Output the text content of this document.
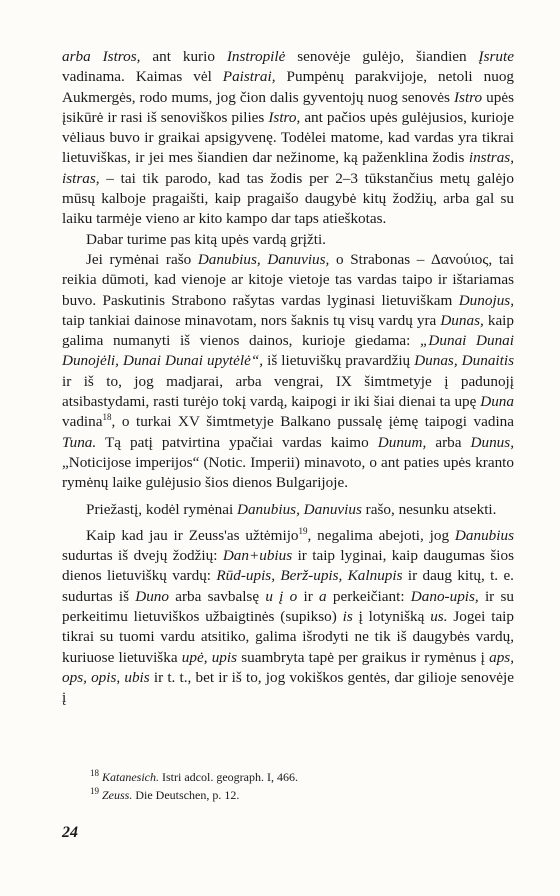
arba Istros, ant kurio Instropilė senovėje gulėjo, šiandien Įsrute vadinama. Kaimas vėl Paistrai, Pumpėnų parakvijoje, netoli nuog Aukmergės, rodo mums, jog čion dalis gyventojų nuog senovės Istro upės įsikūrė ir rasi iš senoviškos pilies Istro, ant pačios upės gulėjusios, kurioje vėliaus buvo ir graikai apsigyvenę. Todėlei matome, kad vardas yra tikrai lietuviškas, ir jei mes šiandien dar nežinome, ką paženklina žodis instras, istras, – tai tik parodo, kad tas žodis per 2–3 tūkstančius metų galėjo mūsų kalboje pragaišti, kaip pragaišo daugybė kitų žodžių, arba gal su laiku tarmėje vieno ar kito kampo dar taps atieškotas.

Dabar turime pas kitą upės vardą grįžti.

Jei rymėnai rašo Danubius, Danuvius, o Strabonas – Δανούιος, tai reikia dūmoti, kad vienoje ar kitoje vietoje tas vardas taipo ir ištariamas buvo. Paskutinis Strabono rašytas vardas lyginasi lietuviškam Dunojus, taip tankiai dainose minavotam, nors šaknis tų visų vardų yra Dunas, kaip galima numanyti iš vienos dainos, kurioje giedama: „Dunai Dunai Dunojėli, Dunai Dunai upytėlė“, iš lietuviškų pravardžių Dunas, Dunaitis ir iš to, jog madjarai, arba vengrai, IX šimtmetyje į padunojį atsibastydami, rasti turėjo tokį vardą, kaipogi ir iki šiai dienai ta upę Duna vadina$^{18}$, o turkai XV šimtmetyje Balkano pussalę įėmę taipogi vadina Tuna. Tą patį patvirtina ypačiai vardas kaimo Dunum, arba Dunus, „Noticijose imperijos“ (Notic. Imperii) minavoto, o ant paties upės kranto rymėnų laike gulėjusio šios dienos Bulgarijoje.

Priežastį, kodėl rymėnai Danubius, Danuvius rašo, nesunku atsekti.

Kaip kad jau ir Zeuss'as užtėmijo$^{19}$, negalima abejoti, jog Danubius sudurtas iš dvejų žodžių: Dan+ubius ir taip lyginai, kaip daugumas šios dienos lietuviškų vardų: Rūd-upis, Berž-upis, Kalnupis ir daug kitų, t. e. sudurtas iš Duno arba savbalsę u į o ir a perkeičiant: Dano-upis, ir su perkeitimu lietuviškos užbaigtinės (supikso) is į lotynišką us. Jogei taip tikrai su tuomi vardu atsitiko, galima išrodyti ne tik iš daugybės vardų, kuriuose lietuviška upė, upis suambryta tapė per graikus ir rymėnus į aps, ops, opis, ubis ir t. t., bet ir iš to, jog vokiškos gentės, dar gilioje senovėje į

$^{18}$ Katanesich. Istri adcol. geograph. I, 466.

$^{19}$ Zeuss. Die Deutschen, p. 12.

24
